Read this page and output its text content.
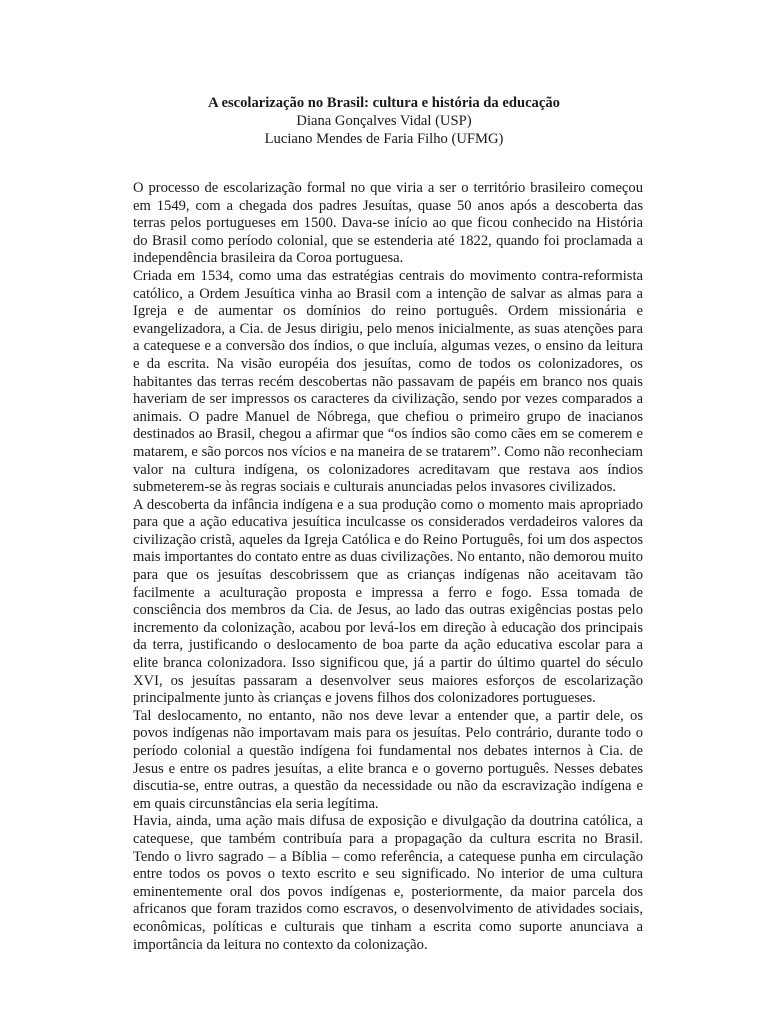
A escolarização no Brasil: cultura e história da educação
Diana Gonçalves Vidal (USP)
Luciano Mendes de Faria Filho (UFMG)

O processo de escolarização formal no que viria a ser o território brasileiro começou em 1549, com a chegada dos padres Jesuítas, quase 50 anos após a descoberta das terras pelos portugueses em 1500. Dava-se início ao que ficou conhecido na História do Brasil como período colonial, que se estenderia até 1822, quando foi proclamada a independência brasileira da Coroa portuguesa.

Criada em 1534, como uma das estratégias centrais do movimento contra-reformista católico, a Ordem Jesuítica vinha ao Brasil com a intenção de salvar as almas para a Igreja e de aumentar os domínios do reino português. Ordem missionária e evangelizadora, a Cia. de Jesus dirigiu, pelo menos inicialmente, as suas atenções para a catequese e a conversão dos índios, o que incluía, algumas vezes, o ensino da leitura e da escrita. Na visão européia dos jesuítas, como de todos os colonizadores, os habitantes das terras recém descobertas não passavam de papéis em branco nos quais haveriam de ser impressos os caracteres da civilização, sendo por vezes comparados a animais. O padre Manuel de Nóbrega, que chefiou o primeiro grupo de inacianos destinados ao Brasil, chegou a afirmar que “os índios são como cães em se comerem e matarem, e são porcos nos vícios e na maneira de se tratarem”. Como não reconheciam valor na cultura indígena, os colonizadores acreditavam que restava aos índios submeterem-se às regras sociais e culturais anunciadas pelos invasores civilizados.

A descoberta da infância indígena e a sua produção como o momento mais apropriado para que a ação educativa jesuítica inculcasse os considerados verdadeiros valores da civilização cristã, aqueles da Igreja Católica e do Reino Português, foi um dos aspectos mais importantes do contato entre as duas civilizações. No entanto, não demorou muito para que os jesuítas descobrissem que as crianças indígenas não aceitavam tão facilmente a aculturação proposta e impressa a ferro e fogo. Essa tomada de consciência dos membros da Cia. de Jesus, ao lado das outras exigências postas pelo incremento da colonização, acabou por levá-los em direção à educação dos principais da terra, justificando o deslocamento de boa parte da ação educativa escolar para a elite branca colonizadora. Isso significou que, já a partir do último quartel do século XVI, os jesuítas passaram a desenvolver seus maiores esforços de escolarização principalmente junto às crianças e jovens filhos dos colonizadores portugueses.

Tal deslocamento, no entanto, não nos deve levar a entender que, a partir dele, os povos indígenas não importavam mais para os jesuítas. Pelo contrário, durante todo o período colonial a questão indígena foi fundamental nos debates internos à Cia. de Jesus e entre os padres jesuítas, a elite branca e o governo português. Nesses debates discutia-se, entre outras, a questão da necessidade ou não da escravização indígena e em quais circunstâncias ela seria legítima.

Havia, ainda, uma ação mais difusa de exposição e divulgação da doutrina católica, a catequese, que também contribuía para a propagação da cultura escrita no Brasil. Tendo o livro sagrado – a Bíblia – como referência, a catequese punha em circulação entre todos os povos o texto escrito e seu significado. No interior de uma cultura eminentemente oral dos povos indígenas e, posteriormente, da maior parcela dos africanos que foram trazidos como escravos, o desenvolvimento de atividades sociais, econômicas, políticas e culturais que tinham a escrita como suporte anunciava a importância da leitura no contexto da colonização.
